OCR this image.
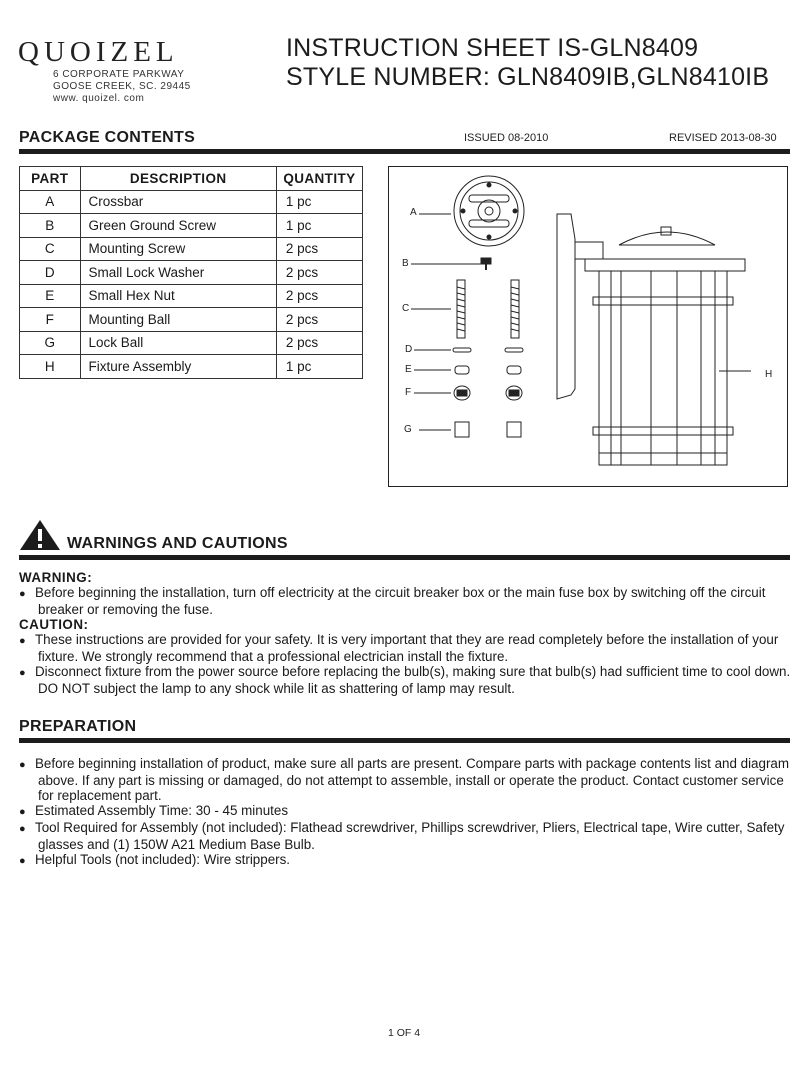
QUOIZEL
6 CORPORATE PARKWAY
GOOSE CREEK, SC. 29445
www. quoizel. com
INSTRUCTION SHEET IS-GLN8409
STYLE NUMBER: GLN8409IB,GLN8410IB
PACKAGE CONTENTS	ISSUED 08-2010	REVISED 2013-08-30
PART	DESCRIPTION	QUANTITY
A	Crossbar	1 pc
B	Green Ground Screw	1 pc
C	Mounting Screw	2 pcs
D	Small Lock Washer	2 pcs
E	Small Hex Nut	2 pcs
F	Mounting Ball	2 pcs
G	Lock Ball	2 pcs
H	Fixture Assembly	1 pc
A
B
C
D
E
F
G
H
WARNINGS AND CAUTIONS

WARNING:

● Before beginning the installation, turn off electricity at the circuit breaker box or the main fuse box by switching off the circuit breaker or removing the fuse.

CAUTION:

● These instructions are provided for your safety. It is very important that they are read completely before the installation of your fixture. We strongly recommend that a professional electrician install the fixture.

● Disconnect fixture from the power source before replacing the bulb(s), making sure that bulb(s) had sufficient time to cool down. DO NOT subject the lamp to any shock while lit as shattering of lamp may result.

PREPARATION

● Before beginning installation of product, make sure all parts are present. Compare parts with package contents list and diagram above. If any part is missing or damaged, do not attempt to assemble, install or operate the product. Contact customer service for replacement part.

● Estimated Assembly Time: 30 - 45 minutes

● Tool Required for Assembly (not included): Flathead screwdriver, Phillips screwdriver, Pliers, Electrical tape, Wire cutter, Safety glasses and (1) 150W A21 Medium Base Bulb.

● Helpful Tools (not included): Wire strippers.

1 OF 4
